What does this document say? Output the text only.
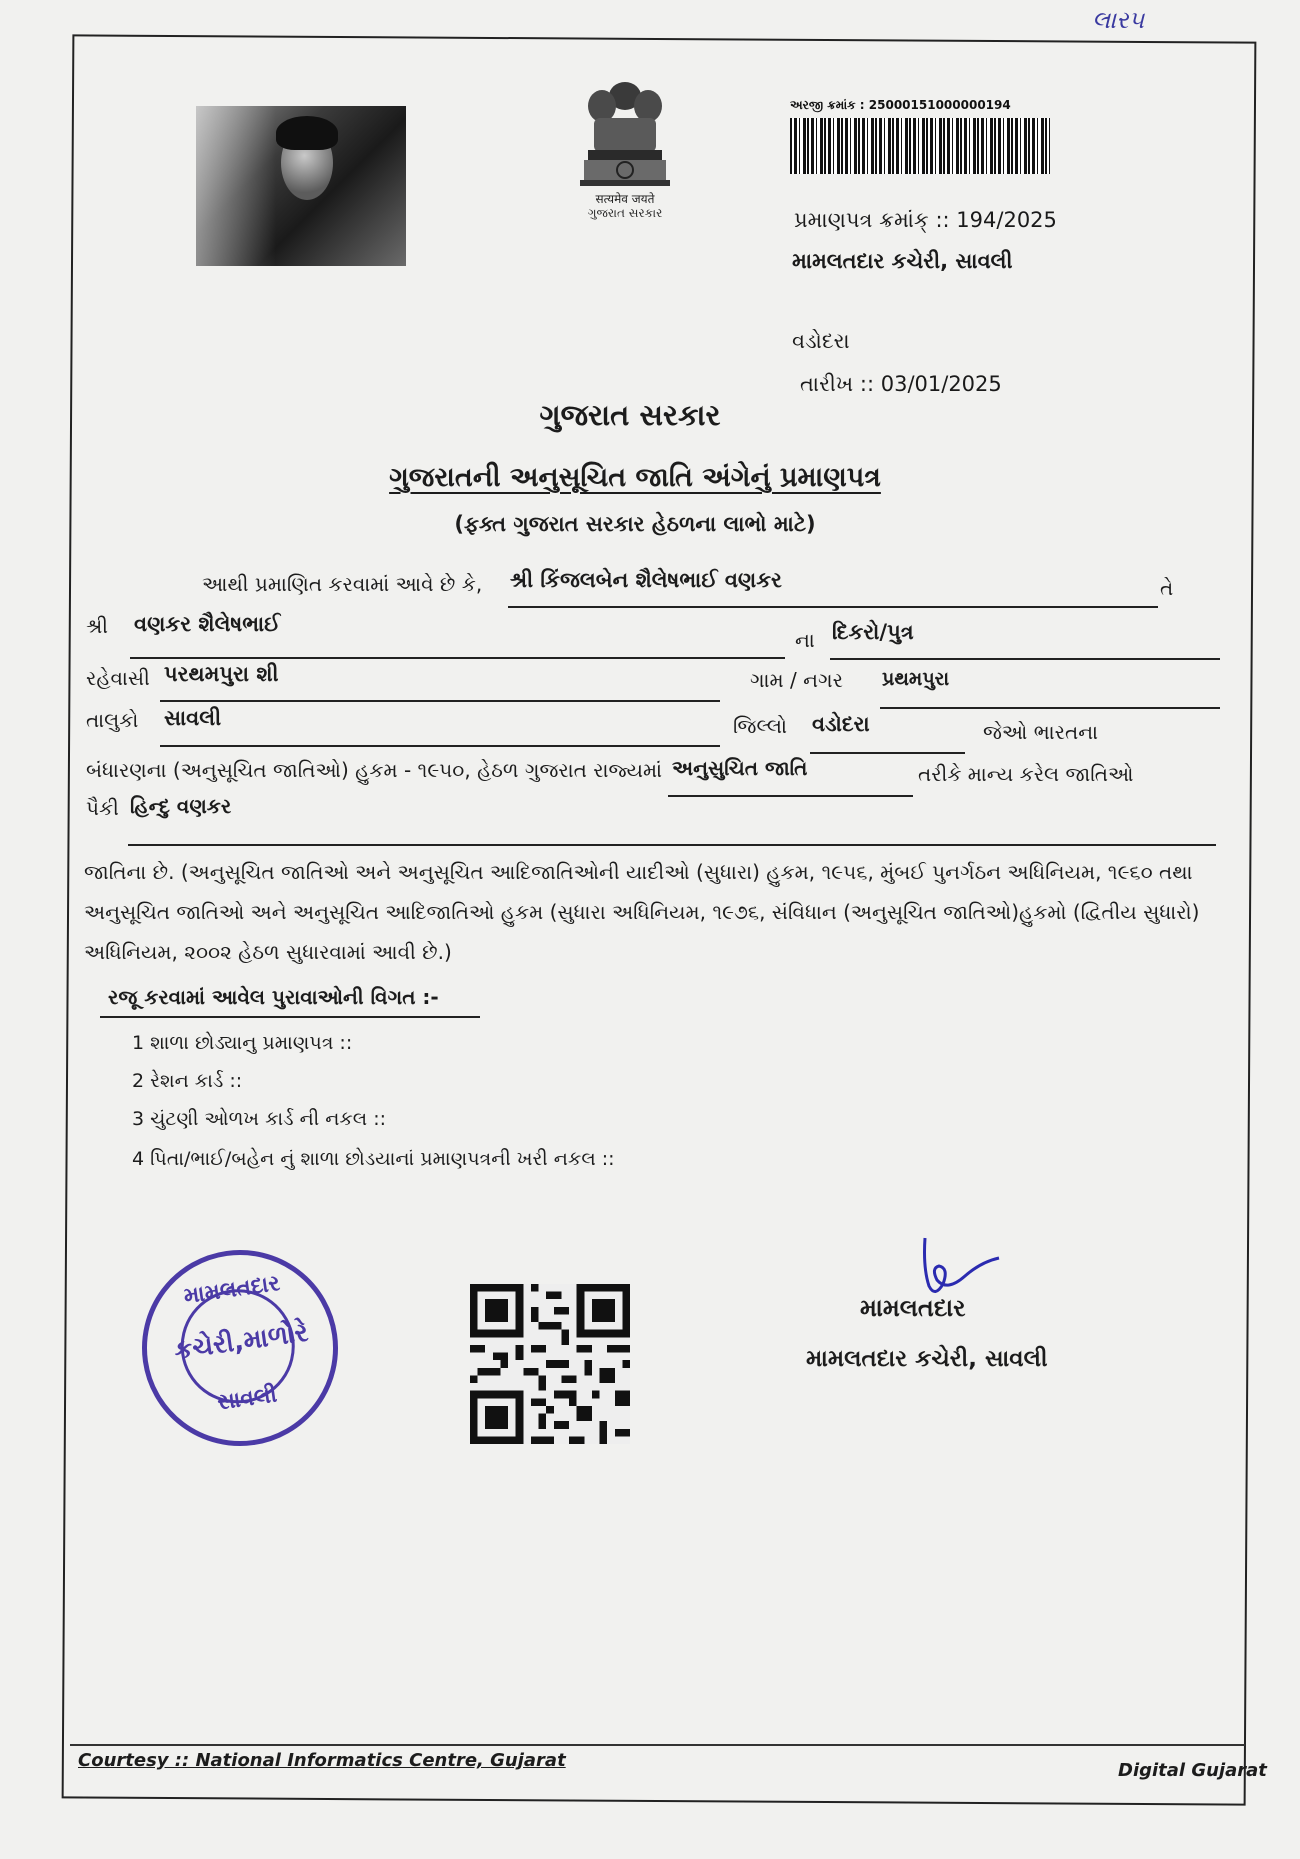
લાર૫
सत्यमेव जयते
ગુજરાત સરકાર
અરજી ક્રમાંક : 25000151000000194
પ્રમાણપત્ર ક્રમાંક્ :: 194/2025
મામલતદાર કચેરી, સાવલી
વડોદરા
તારીખ :: 03/01/2025
ગુજરાત સરકાર
ગુજરાતની અનુસૂચિત જાતિ અંગેનું પ્રમાણપત્ર
(ફક્ત ગુજરાત સરકાર હેઠળના લાભો માટે)
આથી પ્રમાણિત કરવામાં આવે છે કે, શ્રી કિંજલબેન શૈલેષભાઈ વણકર	તે
શ્રી વણકર શૈલેષભાઈ
ના દિકરો/પુત્ર
રહેવાસી પરથમપુરા શી	ગામ / નગર પ્રથમપુરા
તાલુકો સાવલી	જિલ્લો વડોદરા	જેઓ ભારતના
બંધારણના (અનુસૂચિત જાતિઓ) હુકમ - ૧૯૫૦, હેઠળ ગુજરાત રાજ્યમાં અનુસુચિત જાતિ	તરીકે માન્ય કરેલ જાતિઓ
પૈકી હિન્દુ વણકર
જાતિના છે. (અનુસૂચિત જાતિઓ અને અનુસૂચિત આદિજાતિઓની યાદીઓ (સુધારા) હુકમ, ૧૯૫૬, મુંબઈ પુનર્ગઠન અધિનિયમ, ૧૯૬૦ તથા અનુસૂચિત જાતિઓ અને અનુસૂચિત આદિજાતિઓ હુકમ (સુધારા અધિનિયમ, ૧૯૭૬, સંવિધાન (અનુસૂચિત જાતિઓ)હુકમો (દ્વિતીય સુધારો) અધિનિયમ, ૨૦૦૨ હેઠળ સુધારવામાં આવી છે.)
રજૂ કરવામાં આવેલ પુરાવાઓની વિગત :-
1 શાળા છોડ્યાનુ પ્રમાણપત્ર ::
2 રેશન કાર્ડ ::
3 ચુંટણી ઓળખ કાર્ડ ની નકલ ::
4 પિતા/ભાઈ/બહેન નું શાળા છોડયાનાં પ્રમાણપત્રની ખરી નકલ ::
મામલતદાર
કચેરી,માળોરે
સાવલી
મામલતદાર
મામલતદાર કચેરી, સાવલી
Courtesy :: National Informatics Centre, Gujarat	Digital Gujarat
